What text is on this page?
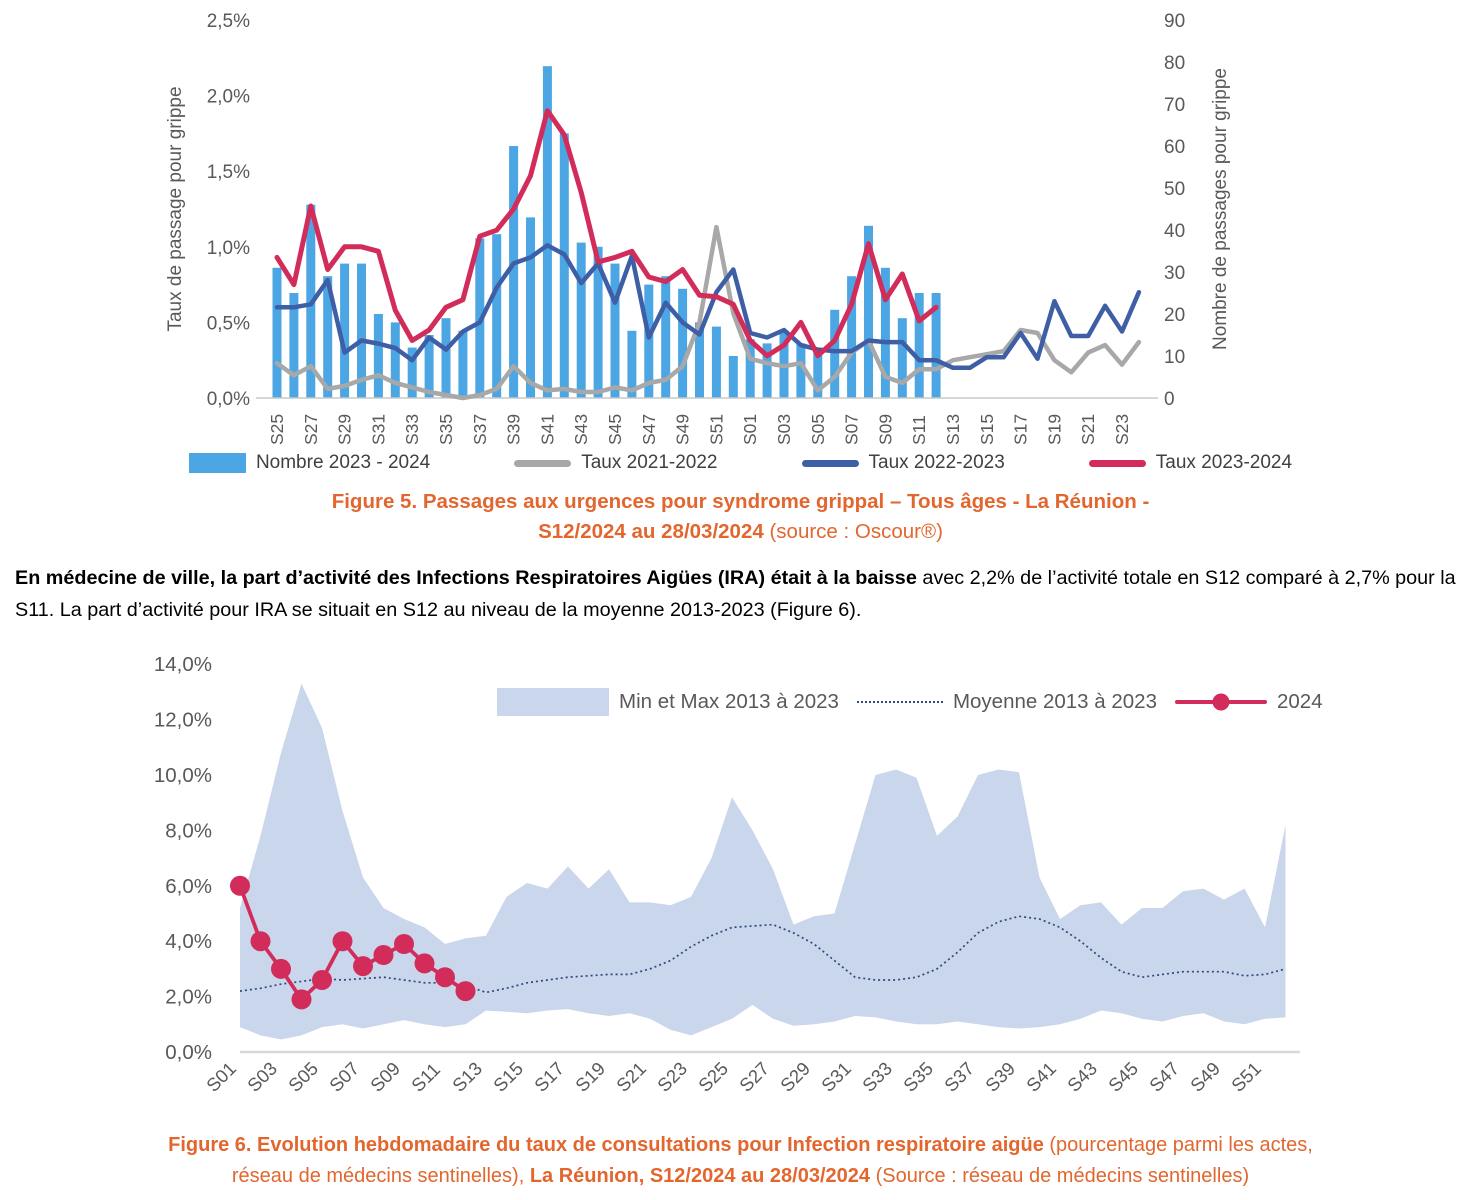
0,0%
0,5%
1,0%
1,5%
2,0%
2,5%
0
10
20
30
40
50
60
70
80
90
S25 S27 S29 S31 S33 S35 S37 S39 S41 S43 S45 S47 S49 S51 S01 S03 S05 S07 S09 S11 S13 S15 S17 S19 S21 S23
Taux de passage pour grippe	Nombre de passages pour grippe
0,0%
2,0%
4,0%
6,0%
8,0%
10,0%
12,0%
14,0%
S01 S03 S05 S07 S09 S11 S13 S15 S17 S19 S21 S23 S25 S27 S29 S31 S33 S35 S37 S39 S41 S43 S45 S47 S49 S51
Nombre 2023 - 2024	Taux 2021-2022	Taux 2022-2023	Taux 2023-2024
Figure 5. Passages aux urgences pour syndrome grippal – Tous âges - La Réunion -
S12/2024 au 28/03/2024 (source : Oscour®)

En médecine de ville, la part d’activité des Infections Respiratoires Aigües (IRA) était à la baisse avec 2,2% de l’activité totale en S12 comparé à 2,7% pour la S11. La part d’activité pour IRA se situait en S12 au niveau de la moyenne 2013-2023 (Figure 6).

Min et Max 2013 à 2023	Moyenne 2013 à 2023	2024
Figure 6. Evolution hebdomadaire du taux de consultations pour Infection respiratoire aigüe (pourcentage parmi les actes,
réseau de médecins sentinelles), La Réunion, S12/2024 au 28/03/2024 (Source : réseau de médecins sentinelles)
